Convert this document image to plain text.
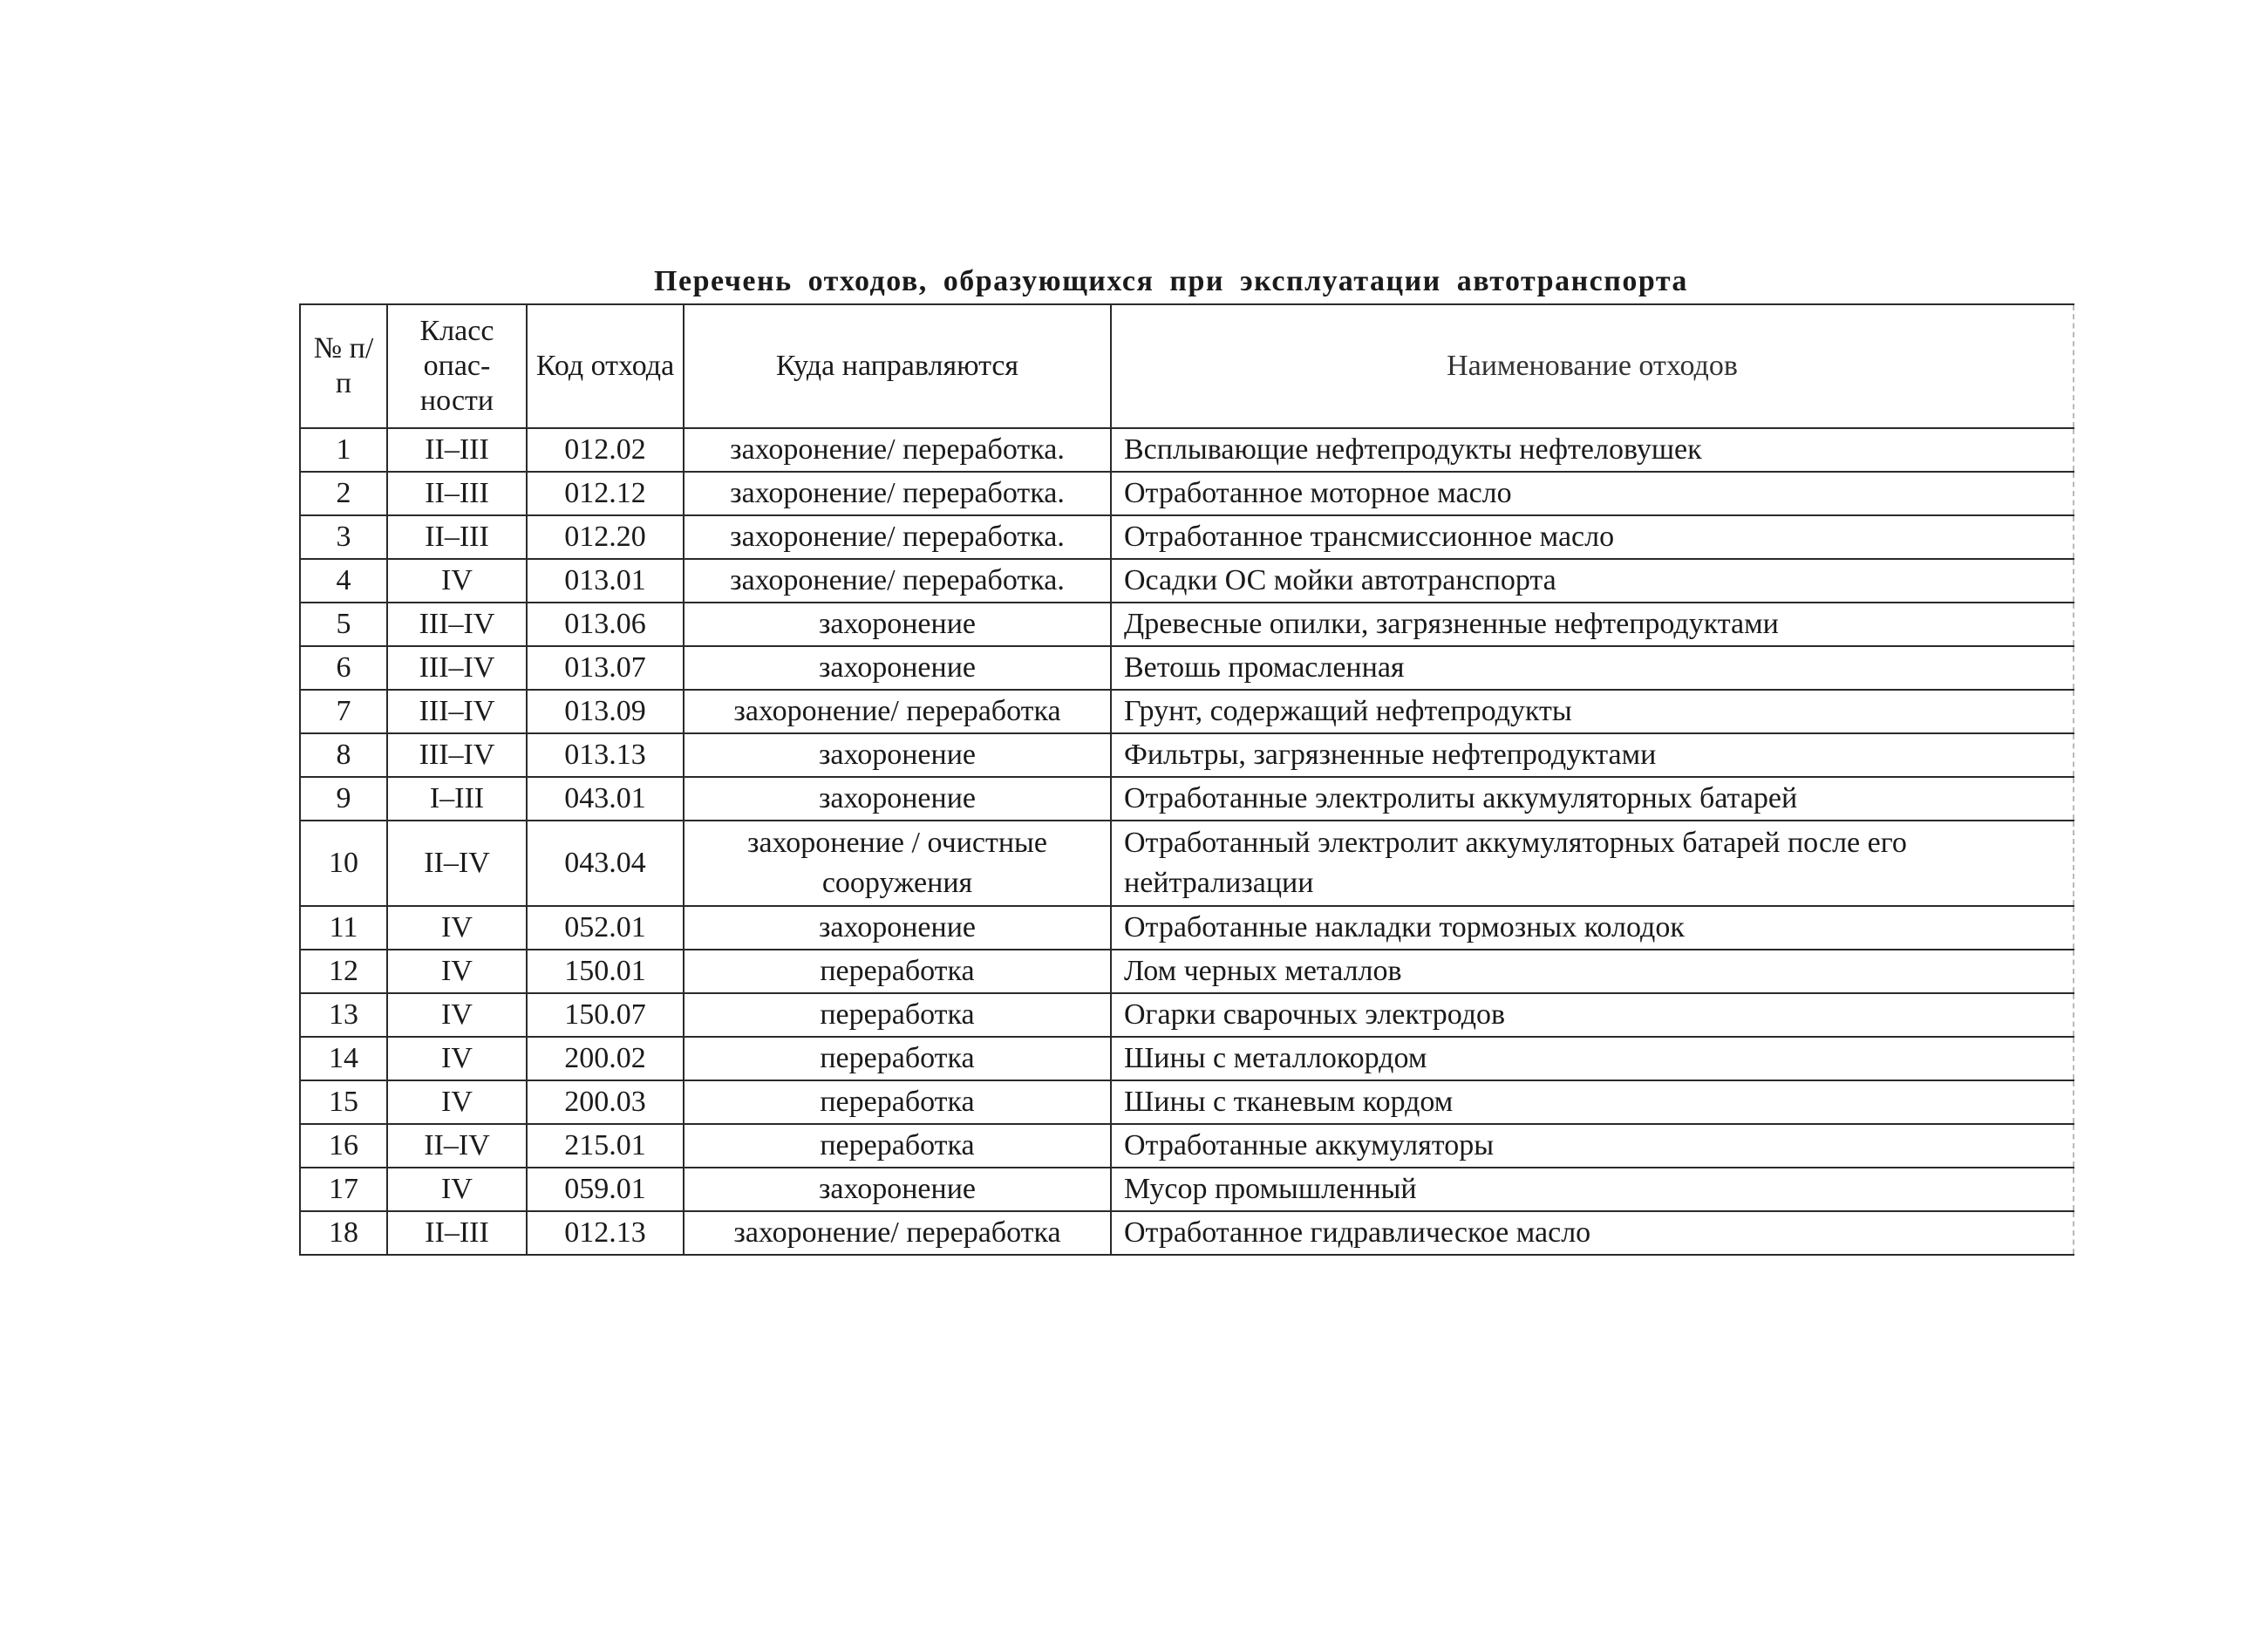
Перечень отходов, образующихся при эксплуатации автотранспорта
№ п/п	Класс опас-ности	Код отхода	Куда направляются	Наименование отходов
1	II–III	012.02	захоронение/ переработка.	Всплывающие нефтепродукты нефтеловушек
2	II–III	012.12	захоронение/ переработка.	Отработанное моторное масло
3	II–III	012.20	захоронение/ переработка.	Отработанное трансмиссионное масло
4	IV	013.01	захоронение/ переработка.	Осадки ОС мойки автотранспорта
5	III–IV	013.06	захоронение	Древесные опилки, загрязненные нефтепродуктами
6	III–IV	013.07	захоронение	Ветошь промасленная
7	III–IV	013.09	захоронение/ переработка	Грунт, содержащий нефтепродукты
8	III–IV	013.13	захоронение	Фильтры, загрязненные нефтепродуктами
9	I–III	043.01	захоронение	Отработанные электролиты аккумуляторных батарей
10	II–IV	043.04	захоронение / очистные сооружения	Отработанный электролит аккумуляторных батарей после его нейтрализации
11	IV	052.01	захоронение	Отработанные накладки тормозных колодок
12	IV	150.01	переработка	Лом черных металлов
13	IV	150.07	переработка	Огарки сварочных электродов
14	IV	200.02	переработка	Шины с металлокордом
15	IV	200.03	переработка	Шины с тканевым кордом
16	II–IV	215.01	переработка	Отработанные аккумуляторы
17	IV	059.01	захоронение	Мусор промышленный
18	II–III	012.13	захоронение/ переработка	Отработанное гидравлическое масло
